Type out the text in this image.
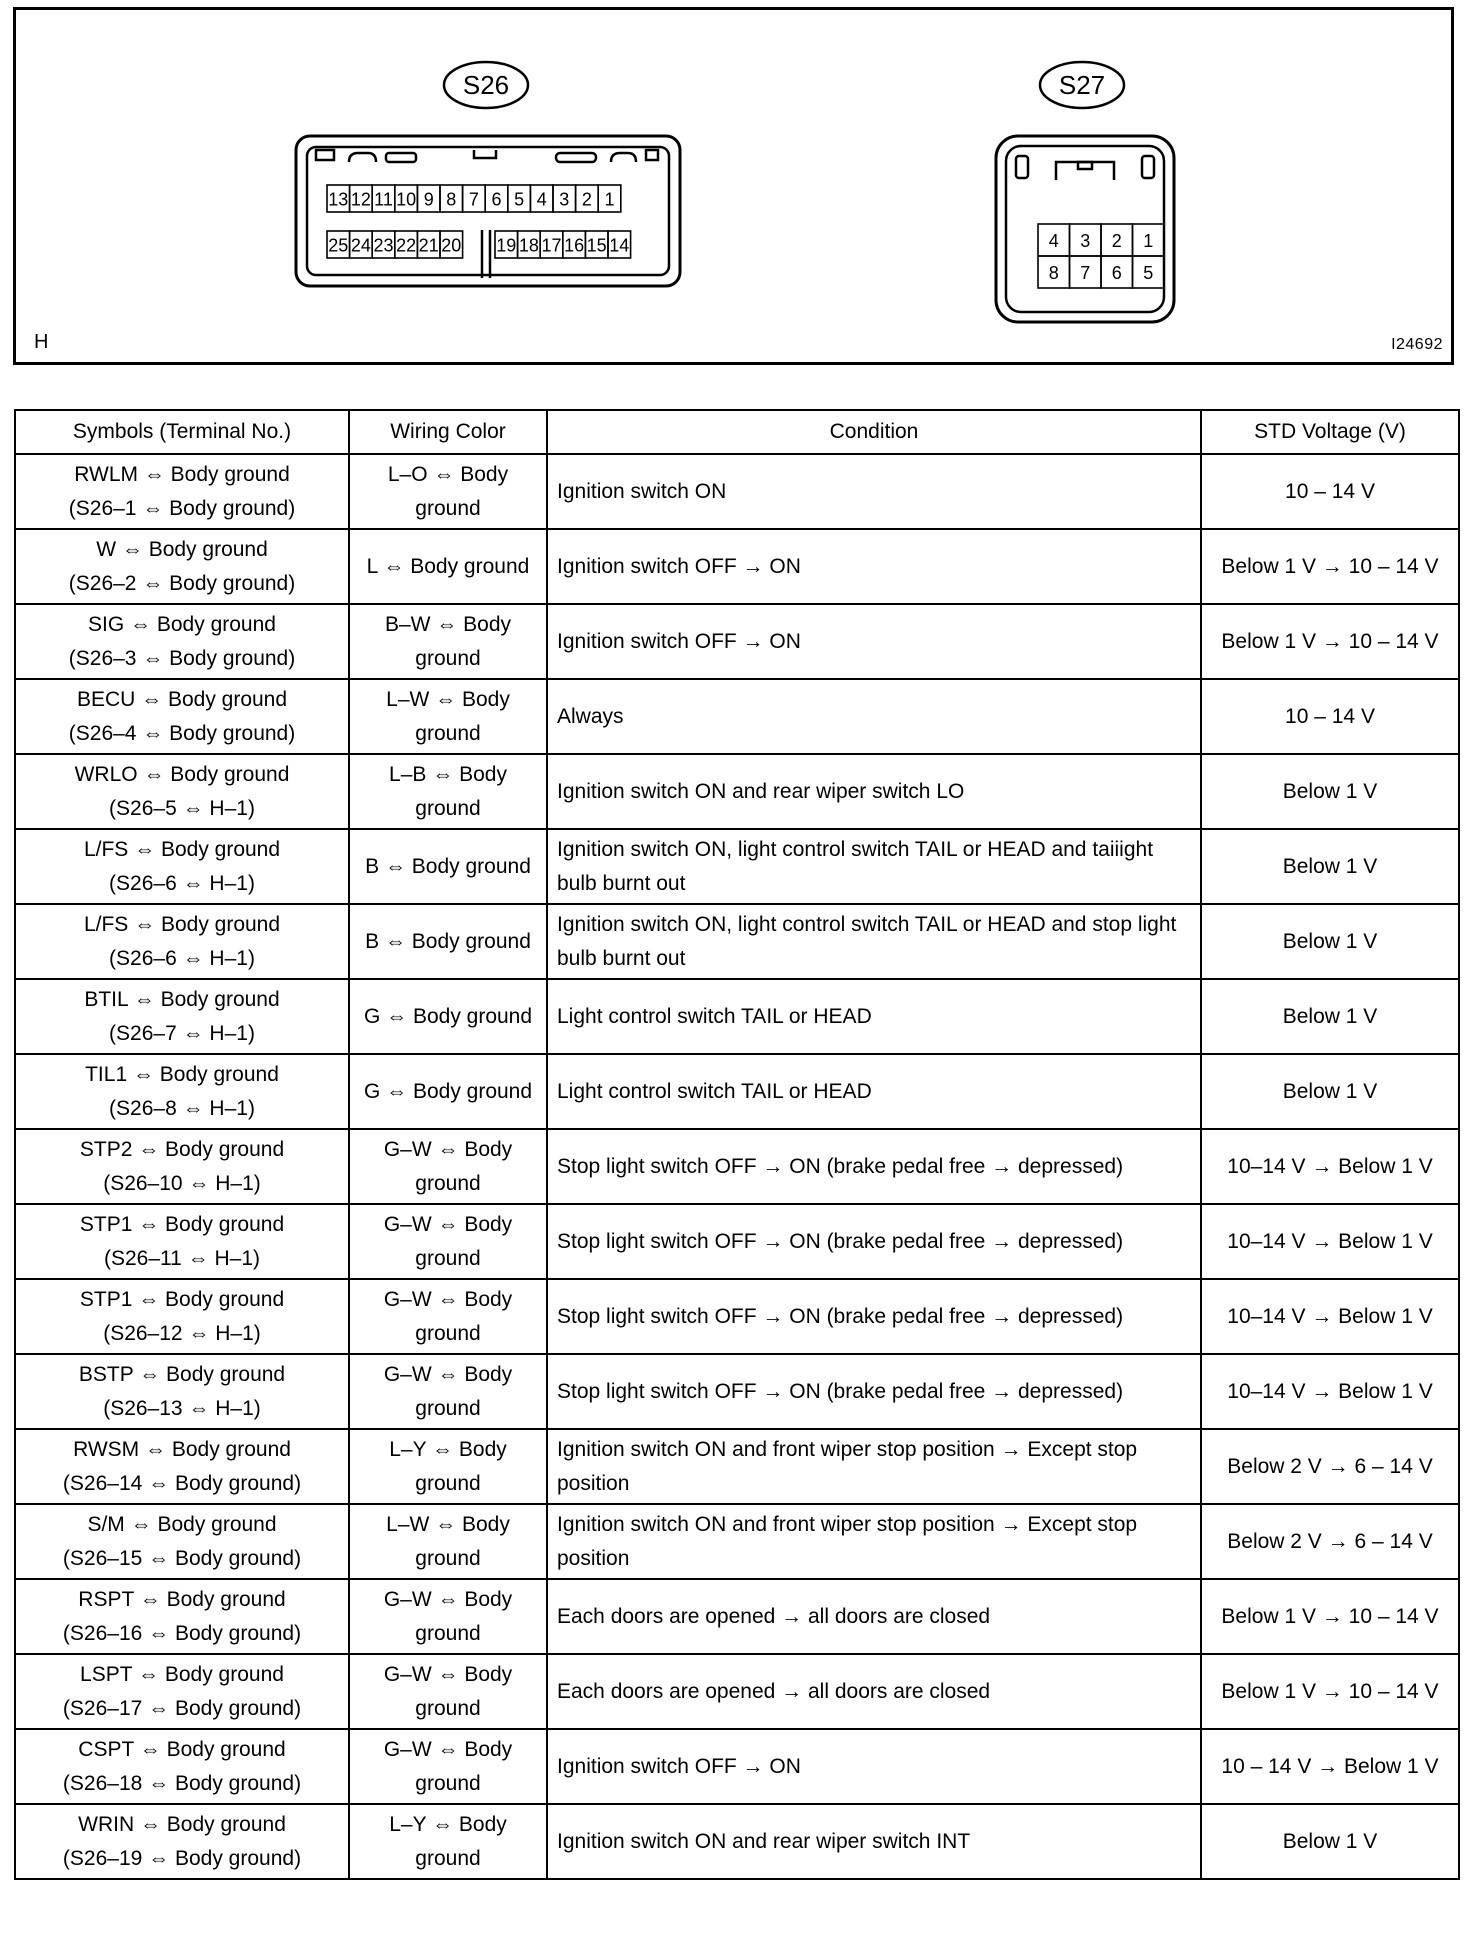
S26
13 12 11 10 9 8 7 6 5 4 3 2 1
25 24 23 22 21 20 19 18 17 16 15 14
S27
4 3 2 1
8 7 6 5
H	I24692
Symbols (Terminal No.)	Wiring Color	Condition	STD Voltage (V)

RWLM ⇔ Body ground
(S26–1 ⇔ Body ground)	L–O ⇔ Body
ground	Ignition switch ON	10 – 14 V

W ⇔ Body ground
(S26–2 ⇔ Body ground)	L ⇔ Body ground	Ignition switch OFF → ON	Below 1 V → 10 – 14 V

SIG ⇔ Body ground
(S26–3 ⇔ Body ground)	B–W ⇔ Body
ground	Ignition switch OFF → ON	Below 1 V → 10 – 14 V

BECU ⇔ Body ground
(S26–4 ⇔ Body ground)	L–W ⇔ Body
ground	Always	10 – 14 V

WRLO ⇔ Body ground
(S26–5 ⇔ H–1)	L–B ⇔ Body
ground	Ignition switch ON and rear wiper switch LO	Below 1 V

L/FS ⇔ Body ground
(S26–6 ⇔ H–1)	B ⇔ Body ground	Ignition switch ON, light control switch TAIL or HEAD and taiiight bulb burnt out	Below 1 V

L/FS ⇔ Body ground
(S26–6 ⇔ H–1)	B ⇔ Body ground	Ignition switch ON, light control switch TAIL or HEAD and stop light bulb burnt out	Below 1 V

BTIL ⇔ Body ground
(S26–7 ⇔ H–1)	G ⇔ Body ground	Light control switch TAIL or HEAD	Below 1 V

TIL1 ⇔ Body ground
(S26–8 ⇔ H–1)	G ⇔ Body ground	Light control switch TAIL or HEAD	Below 1 V

STP2 ⇔ Body ground
(S26–10 ⇔ H–1)	G–W ⇔ Body
ground	Stop light switch OFF → ON (brake pedal free → depressed)	10–14 V → Below 1 V

STP1 ⇔ Body ground
(S26–11 ⇔ H–1)	G–W ⇔ Body
ground	Stop light switch OFF → ON (brake pedal free → depressed)	10–14 V → Below 1 V

STP1 ⇔ Body ground
(S26–12 ⇔ H–1)	G–W ⇔ Body
ground	Stop light switch OFF → ON (brake pedal free → depressed)	10–14 V → Below 1 V

BSTP ⇔ Body ground
(S26–13 ⇔ H–1)	G–W ⇔ Body
ground	Stop light switch OFF → ON (brake pedal free → depressed)	10–14 V → Below 1 V

RWSM ⇔ Body ground
(S26–14 ⇔ Body ground)	L–Y ⇔ Body
ground	Ignition switch ON and front wiper stop position → Except stop position	Below 2 V → 6 – 14 V

S/M ⇔ Body ground
(S26–15 ⇔ Body ground)	L–W ⇔ Body
ground	Ignition switch ON and front wiper stop position → Except stop position	Below 2 V → 6 – 14 V

RSPT ⇔ Body ground
(S26–16 ⇔ Body ground)	G–W ⇔ Body
ground	Each doors are opened → all doors are closed	Below 1 V → 10 – 14 V

LSPT ⇔ Body ground
(S26–17 ⇔ Body ground)	G–W ⇔ Body
ground	Each doors are opened → all doors are closed	Below 1 V → 10 – 14 V

CSPT ⇔ Body ground
(S26–18 ⇔ Body ground)	G–W ⇔ Body
ground	Ignition switch OFF → ON	10 – 14 V → Below 1 V

WRIN ⇔ Body ground
(S26–19 ⇔ Body ground)	L–Y ⇔ Body
ground	Ignition switch ON and rear wiper switch INT	Below 1 V
